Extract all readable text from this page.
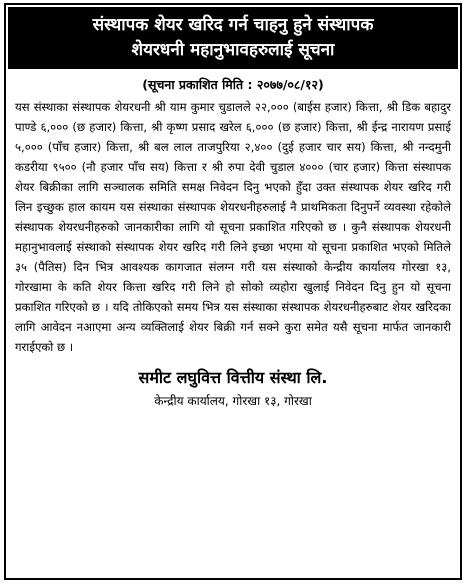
संस्थापक शेयर खरिद गर्न चाहनु हुने संस्थापक
शेयरधनी महानुभावहरुलाई सूचना
(सूचना प्रकाशित मिति : २०७७/०८/१२)
यस संस्थाका संस्थापक शेयरधनी श्री याम कुमार चुडालले २२,००० (बाईस हजार) कित्ता, श्री डिक बहादुर पाण्डे ६,००० (छ हजार) कित्ता, श्री कृष्ण प्रसाद खरेल ६,००० (छ हजार) कित्ता, श्री ईन्द्र नारायण प्रसाई ५,००० (पाँच हजार) कित्ता, श्री बल लाल ताजपुरिया २,४०० (दुई हजार चार सय) कित्ता, श्री नन्दमुनी कडरीया ९५०० (नौ हजार पाँच सय) कित्ता र श्री रुपा देवी चुडाल ४००० (चार हजार) कित्ता संस्थापक शेयर बिक्रीका लागि सञ्चालक समिति समक्ष निवेदन दिनु भएको हुँदा उक्त संस्थापक शेयर खरिद गरी लिन इच्छुक हाल कायम यस संस्थाका संस्थापक शेयरधनीहरुलाई नै प्राथमिकता दिनुपर्ने व्यवस्था रहेकोले संस्थापक शेयरधनीहरुको जानकारीका लागि यो सूचना प्रकाशित गरिएको छ । कुनै संस्थापक शेयरधनी महानुभावलाई संस्थाको संस्थापक शेयर खरिद गरी लिने इच्छा भएमा यो सूचना प्रकाशित भएको मितिले ३५ (पैतिस) दिन भित्र आवश्यक कागजात संलग्न गरी यस संस्थाको केन्द्रीय कार्यालय गोरखा १३, गोरखामा के कति शेयर कित्ता खरिद गरी लिने हो सोको व्यहोरा खुलाई निवेदन दिनु हुन यो सूचना प्रकाशित गरिएको छ । यदि तोकिएको समय भित्र यस संस्थाका संस्थापक शेयरधनीहरुबाट शेयर खरिदका लागि आवेदन नआएमा अन्य व्यक्तिलाई शेयर बिक्री गर्न सक्ने कुरा समेत यसै सूचना मार्फत जानकारी गराईएको छ ।
समीट लघुवित्त वित्तीय संस्था लि.
केन्द्रीय कार्यालय, गोरखा १३, गोरखा
